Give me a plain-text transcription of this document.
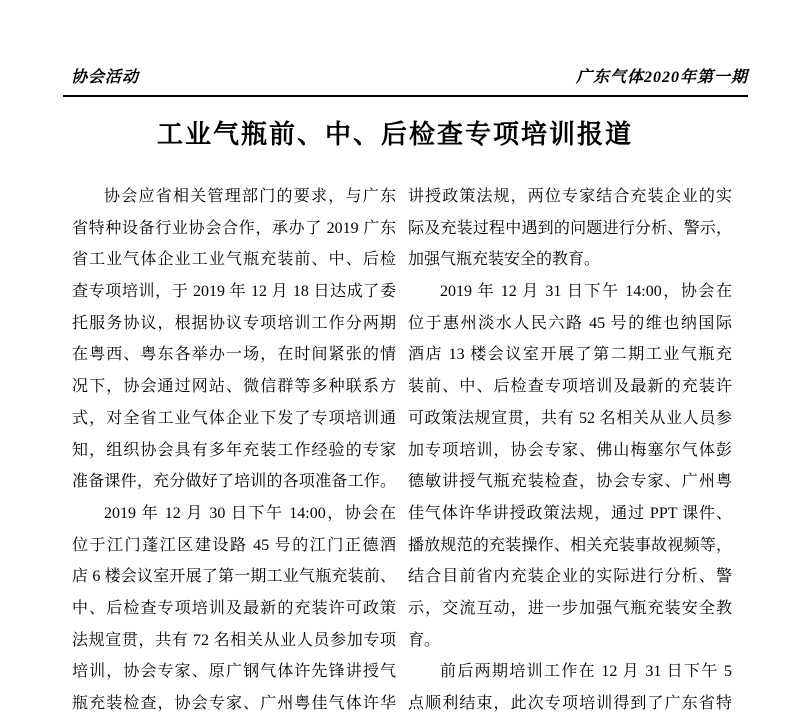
协会活动	广东气体2020年第一期
工业气瓶前、中、后检查专项培训报道
协会应省相关管理部门的要求，与广东
省特种设备行业协会合作，承办了 2019 广东
省工业气体企业工业气瓶充装前、中、后检
查专项培训，于 2019 年 12 月 18 日达成了委
托服务协议，根据协议专项培训工作分两期
在粤西、粤东各举办一场，在时间紧张的情
况下，协会通过网站、微信群等多种联系方
式，对全省工业气体企业下发了专项培训通
知，组织协会具有多年充装工作经验的专家
准备课件，充分做好了培训的各项准备工作。
2019 年 12 月 30 日下午 14:00，协会在
位于江门蓬江区建设路 45 号的江门正德酒
店 6 楼会议室开展了第一期工业气瓶充装前、
中、后检查专项培训及最新的充装许可政策
法规宣贯，共有 72 名相关从业人员参加专项
培训，协会专家、原广钢气体许先锋讲授气
瓶充装检查，协会专家、广州粤佳气体许华
讲授政策法规，两位专家结合充装企业的实
际及充装过程中遇到的问题进行分析、警示，
加强气瓶充装安全的教育。
2019 年 12 月 31 日下午 14:00，协会在
位于惠州淡水人民六路 45 号的维也纳国际
酒店 13 楼会议室开展了第二期工业气瓶充
装前、中、后检查专项培训及最新的充装许
可政策法规宣贯，共有 52 名相关从业人员参
加专项培训，协会专家、佛山梅塞尔气体彭
德敏讲授气瓶充装检查，协会专家、广州粤
佳气体许华讲授政策法规，通过 PPT 课件、
播放规范的充装操作、相关充装事故视频等，
结合目前省内充装企业的实际进行分析、警
示，交流互动，进一步加强气瓶充装安全教
育。
前后两期培训工作在 12 月 31 日下午 5
点顺利结束，此次专项培训得到了广东省特
